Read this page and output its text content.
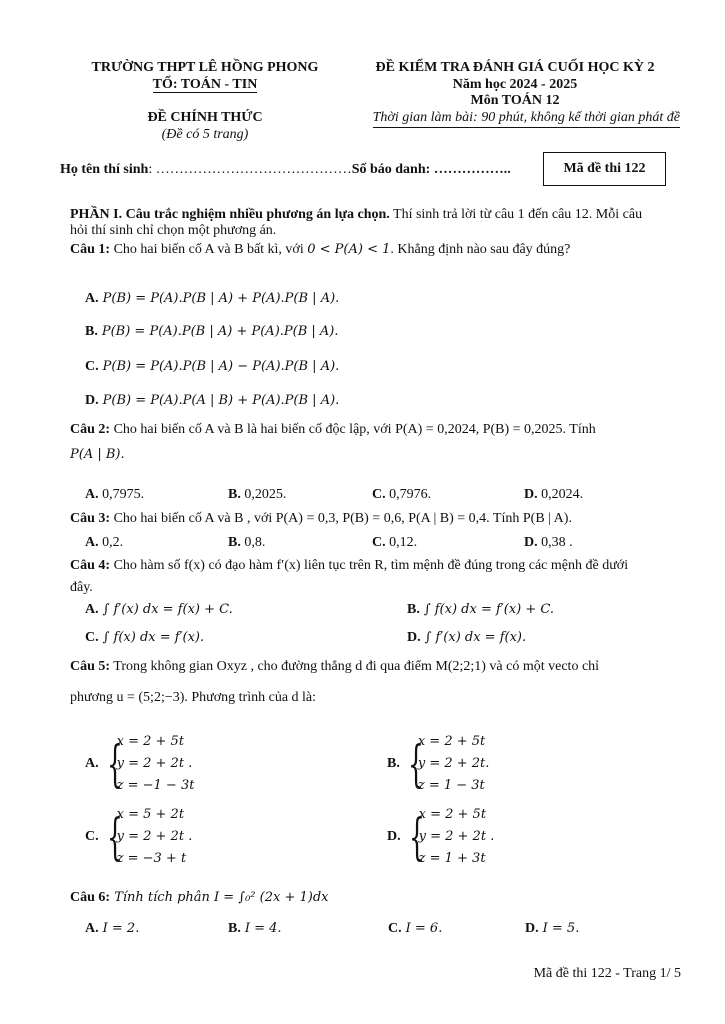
TRƯỜNG THPT LÊ HỒNG PHONG
TỔ: TOÁN - TIN
ĐỀ CHÍNH THỨC
(Đề có 5 trang)
ĐỀ KIỂM TRA ĐÁNH GIÁ CUỐI HỌC KỲ 2
Năm học 2024 - 2025
Môn TOÁN 12
Thời gian làm bài: 90 phút, không kể thời gian phát đề
Họ tên thí sinh: ……………………………………Số báo danh: ……………..	Mã đề thi 122
PHẦN I. Câu trắc nghiệm nhiều phương án lựa chọn. Thí sinh trả lời từ câu 1 đến câu 12. Mỗi câu
hỏi thí sinh chỉ chọn một phương án.
Câu 1: Cho hai biến cố A và B bất kì, với 0 < P(A) < 1. Khẳng định nào sau đây đúng?
A. P(B) = P(A).P(B | A) + P(A).P(B | A).
B. P(B) = P(A).P(B | A) + P(A).P(B | A).
C. P(B) = P(A).P(B | A) − P(A).P(B | A).
D. P(B) = P(A).P(A | B) + P(A).P(B | A).
Câu 2: Cho hai biến cố A và B là hai biến cố độc lập, với P(A) = 0,2024, P(B) = 0,2025. Tính
P(A | B).
A. 0,7975.	B. 0,2025.	C. 0,7976.	D. 0,2024.
Câu 3: Cho hai biến cố A và B , với P(A) = 0,3, P(B) = 0,6, P(A | B) = 0,4. Tính P(B | A).
A. 0,2.	B. 0,8.	C. 0,12.	D. 0,38 .
Câu 4: Cho hàm số f(x) có đạo hàm f′(x) liên tục trên R, tìm mệnh đề đúng trong các mệnh đề dưới
đây.
A. ∫ f′(x) dx = f(x) + C.	B. ∫ f(x) dx = f′(x) + C.
C. ∫ f(x) dx = f′(x).	D. ∫ f′(x) dx = f(x).
Câu 5: Trong không gian Oxyz , cho đường thẳng d đi qua điểm M(2;2;1) và có một vecto chỉ
phương u = (5;2;−3). Phương trình của d là:
A. {
x = 2 + 5t
y = 2 + 2t .
z = −1 − 3t
B. {
x = 2 + 5t
y = 2 + 2t.
z = 1 − 3t
C. {
x = 5 + 2t
y = 2 + 2t .
z = −3 + t
D. {
x = 2 + 5t
y = 2 + 2t .
z = 1 + 3t
Câu 6: Tính tích phân I = ∫₀² (2x + 1)dx
A. I = 2.	B. I = 4.	C. I = 6.	D. I = 5.
Mã đề thi 122 - Trang 1/ 5
